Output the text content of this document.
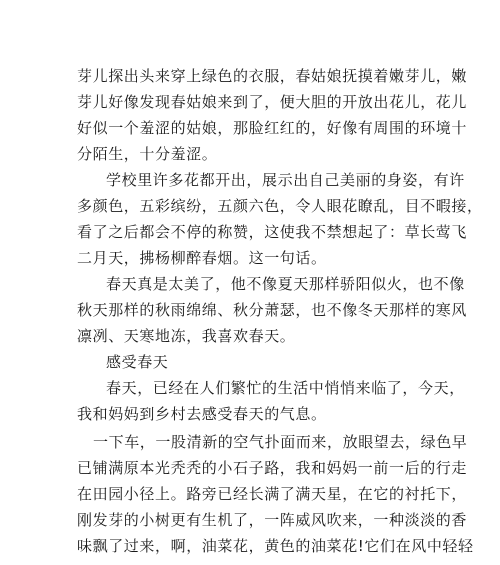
芽儿探出头来穿上绿色的衣服，春姑娘抚摸着嫩芽儿，嫩
芽儿好像发现春姑娘来到了，便大胆的开放出花儿，花儿
好似一个羞涩的姑娘，那脸红红的，好像有周围的环境十
分陌生，十分羞涩。
学校里许多花都开出，展示出自己美丽的身姿，有许
多颜色，五彩缤纷，五颜六色，令人眼花瞭乱，目不暇接，
看了之后都会不停的称赞，这使我不禁想起了：草长莺飞
二月天，拂杨柳醉春烟。这一句话。
春天真是太美了，他不像夏天那样骄阳似火，也不像
秋天那样的秋雨绵绵、秋分萧瑟，也不像冬天那样的寒风
凛冽、天寒地冻，我喜欢春天。
感受春天
春天，已经在人们繁忙的生活中悄悄来临了，今天，
我和妈妈到乡村去感受春天的气息。
一下车，一股清新的空气扑面而来，放眼望去，绿色早
已铺满原本光秃秃的小石子路，我和妈妈一前一后的行走
在田园小径上。路旁已经长满了满天星，在它的衬托下，
刚发芽的小树更有生机了，一阵威风吹来，一种淡淡的香
味飘了过来，啊，油菜花，黄色的油菜花!它们在风中轻轻
